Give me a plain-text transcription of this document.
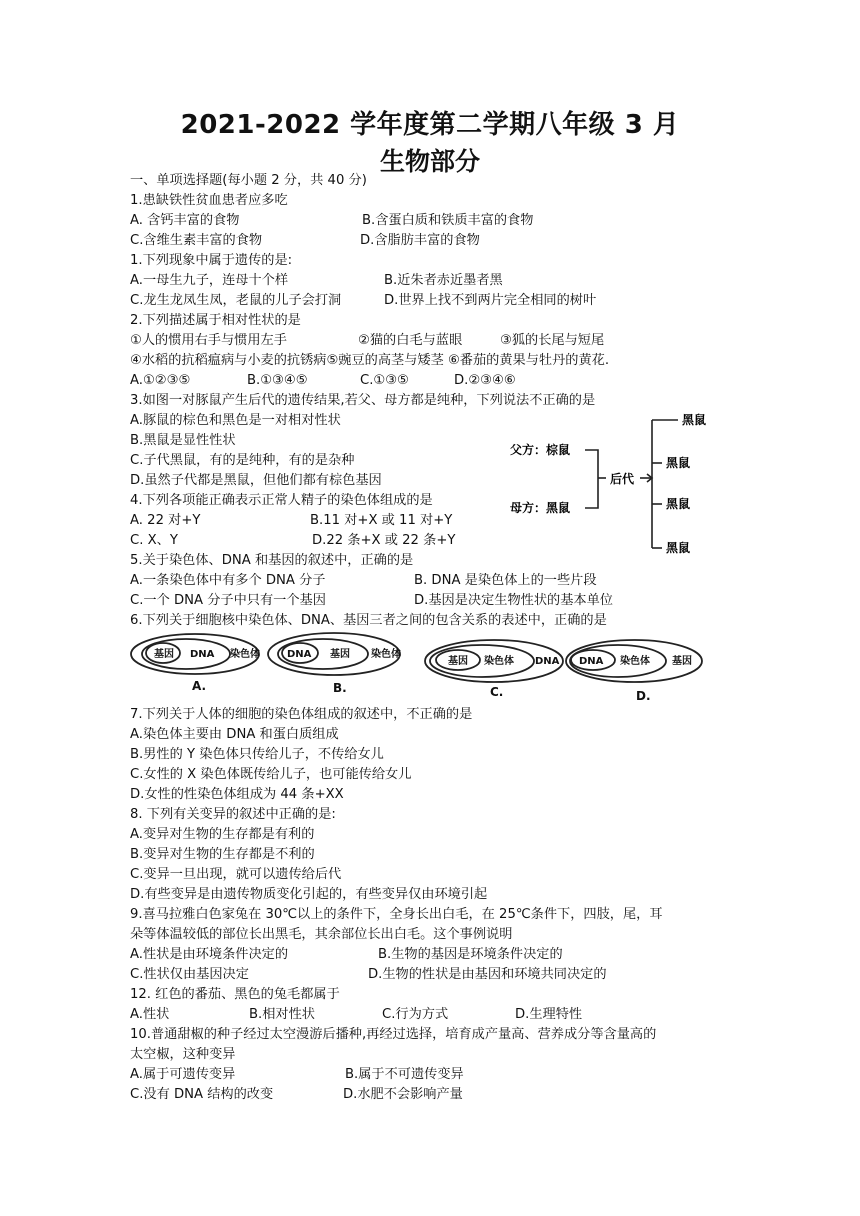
2021-2022 学年度第二学期八年级 3 月
生物部分
一、单项选择题(每小题 2 分，共 40 分)
1.患缺铁性贫血患者应多吃
A. 含钙丰富的食物	B.含蛋白质和铁质丰富的食物
C.含维生素丰富的食物	D.含脂肪丰富的食物
1.下列现象中属于遗传的是:
A.一母生九子，连母十个样	B.近朱者赤近墨者黑
C.龙生龙凤生凤，老鼠的儿子会打洞	D.世界上找不到两片完全相同的树叶
2.下列描述属于相对性状的是
①人的惯用右手与惯用左手	②猫的白毛与蓝眼	③狐的长尾与短尾
④水稻的抗稻瘟病与小麦的抗锈病⑤豌豆的高茎与矮茎 ⑥番茄的黄果与牡丹的黄花.
A.①②③⑤	B.①③④⑤	C.①③⑤	D.②③④⑥
3.如图一对豚鼠产生后代的遗传结果,若父、母方都是纯种，下列说法不正确的是
A.豚鼠的棕色和黑色是一对相对性状
B.黑鼠是显性性状
C.子代黑鼠，有的是纯种，有的是杂种
D.虽然子代都是黑鼠，但他们都有棕色基因
父方：棕鼠
母方：黑鼠
后代
黑鼠
黑鼠
黑鼠
黑鼠
4.下列各项能正确表示正常人精子的染色体组成的是
A. 22 对+Y	B.11 对+X 或 11 对+Y
C. X、Y	D.22 条+X 或 22 条+Y
5.关于染色体、DNA 和基因的叙述中，正确的是
A.一条染色体中有多个 DNA 分子	B. DNA 是染色体上的一些片段
C.一个 DNA 分子中只有一个基因	D.基因是决定生物性状的基本单位
6.下列关于细胞核中染色体、DNA、基因三者之间的包含关系的表述中，正确的是
基因 DNA 染色体	DNA 基因 染色体
基因 染色体 DNA DNA 染色体 基因
A.	B.	C.	D.
7.下列关于人体的细胞的染色体组成的叙述中，不正确的是
A.染色体主要由 DNA 和蛋白质组成
B.男性的 Y 染色体只传给儿子，不传给女儿
C.女性的 X 染色体既传给儿子，也可能传给女儿
D.女性的性染色体组成为 44 条+XX
8. 下列有关变异的叙述中正确的是:
A.变异对生物的生存都是有利的
B.变异对生物的生存都是不利的
C.变异一旦出现，就可以遗传给后代
D.有些变异是由遗传物质变化引起的，有些变异仅由环境引起
9.喜马拉雅白色家兔在 30℃以上的条件下，全身长出白毛，在 25℃条件下，四肢，尾，耳
朵等体温较低的部位长出黑毛，其余部位长出白毛。这个事例说明
A.性状是由环境条件决定的	B.生物的基因是环境条件决定的
C.性状仅由基因决定	D.生物的性状是由基因和环境共同决定的
12. 红色的番茄、黑色的兔毛都属于
A.性状	B.相对性状	C.行为方式	D.生理特性
10.普通甜椒的种子经过太空漫游后播种,再经过选择，培育成产量高、营养成分等含量高的
太空椒，这种变异
A.属于可遗传变异	B.属于不可遗传变异
C.没有 DNA 结构的改变	D.水肥不会影响产量
